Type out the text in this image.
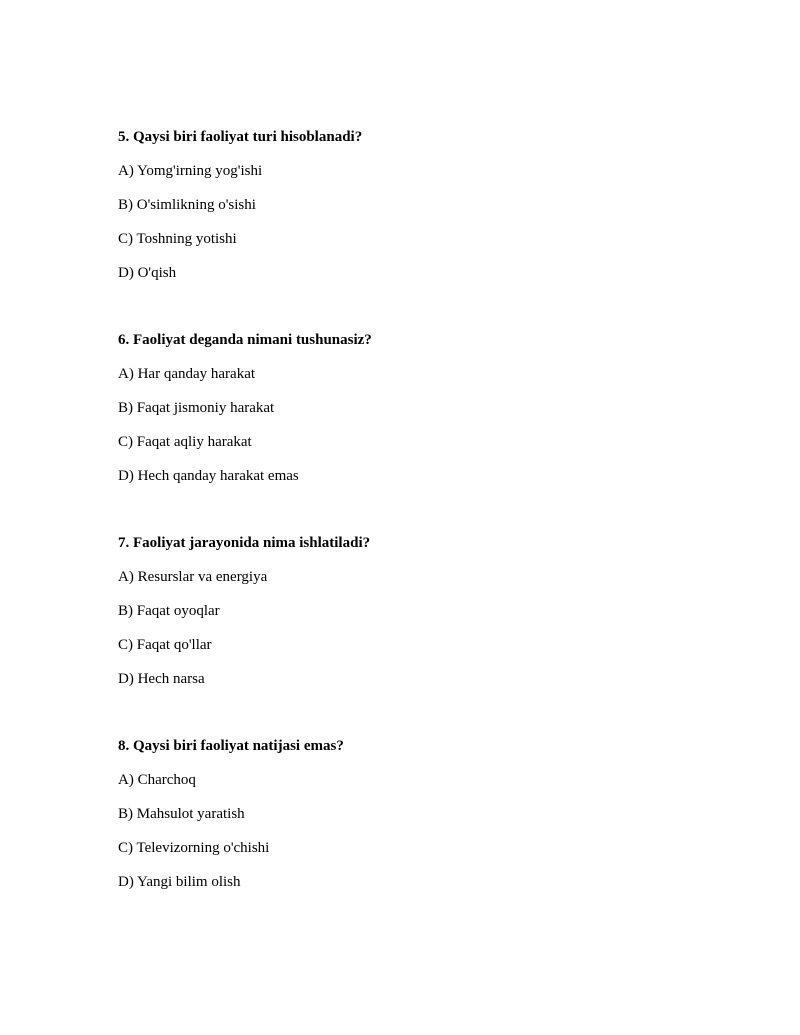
5. Qaysi biri faoliyat turi hisoblanadi?
A) Yomg'irning yog'ishi
B) O'simlikning o'sishi
C) Toshning yotishi
D) O'qish
6. Faoliyat deganda nimani tushunasiz?
A) Har qanday harakat
B) Faqat jismoniy harakat
C) Faqat aqliy harakat
D) Hech qanday harakat emas
7. Faoliyat jarayonida nima ishlatiladi?
A) Resurslar va energiya
B) Faqat oyoqlar
C) Faqat qo'llar
D) Hech narsa
8. Qaysi biri faoliyat natijasi emas?
A) Charchoq
B) Mahsulot yaratish
C) Televizorning o'chishi
D) Yangi bilim olish
